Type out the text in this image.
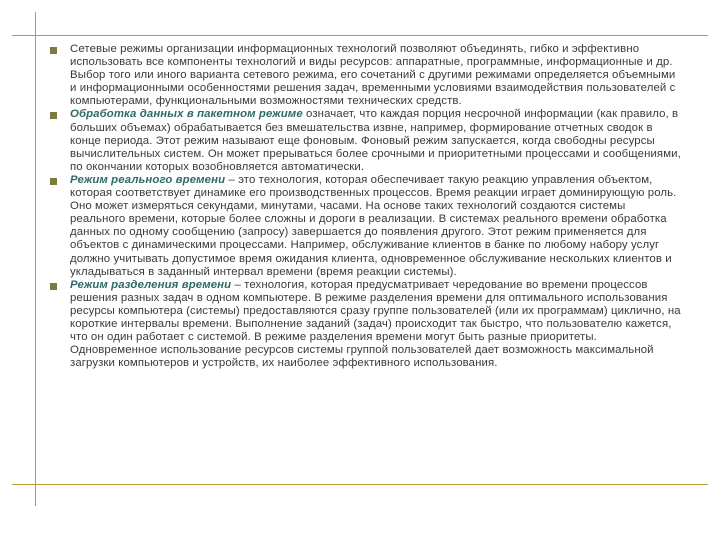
Сетевые режимы организации информационных технологий позволяют объединять, гибко и эффективно использовать все компоненты технологий и виды ресурсов: аппаратные, программные, информационные и др. Выбор того или иного варианта сетевого режима, его сочетаний с другими режимами определяется объемными и информационными особенностями решения задач, временными условиями взаимодействия пользователей с компьютерами, функциональными возможностями технических средств.
Обработка данных в пакетном режиме означает, что каждая порция несрочной информации (как правило, в больших объемах) обрабатывается без вмешательства извне, например, формирование отчетных сводок в конце периода. Этот режим называют еще фоновым. Фоновый режим запускается, когда свободны ресурсы вычислительных систем. Он может прерываться более срочными и приоритетными процессами и сообщениями, по окончании которых возобновляется автоматически.
Режим реального времени – это технология, которая обеспечивает такую реакцию управления объектом, которая соответствует динамике его производственных процессов. Время реакции играет доминирующую роль. Оно может измеряться секундами, минутами, часами. На основе таких технологий создаются системы реального времени, которые более сложны и дороги в реализации. В системах реального времени обработка данных по одному сообщению (запросу) завершается до появления другого. Этот режим применяется для объектов с динамическими процессами. Например, обслуживание клиентов в банке по любому набору услуг должно учитывать допустимое время ожидания клиента, одновременное обслуживание нескольких клиентов и укладываться в заданный интервал времени (время реакции системы).
Режим разделения времени – технология, которая предусматривает чередование во времени процессов решения разных задач в одном компьютере. В режиме разделения времени для оптимального использования ресурсы компьютера (системы) предоставляются сразу группе пользователей (или их программам) циклично, на короткие интервалы времени. Выполнение заданий (задач) происходит так быстро, что пользователю кажется, что он один работает с системой. В режиме разделения времени могут быть разные приоритеты. Одновременное использование ресурсов системы группой пользователей дает возможность максимальной загрузки компьютеров и устройств, их наиболее эффективного использования.
